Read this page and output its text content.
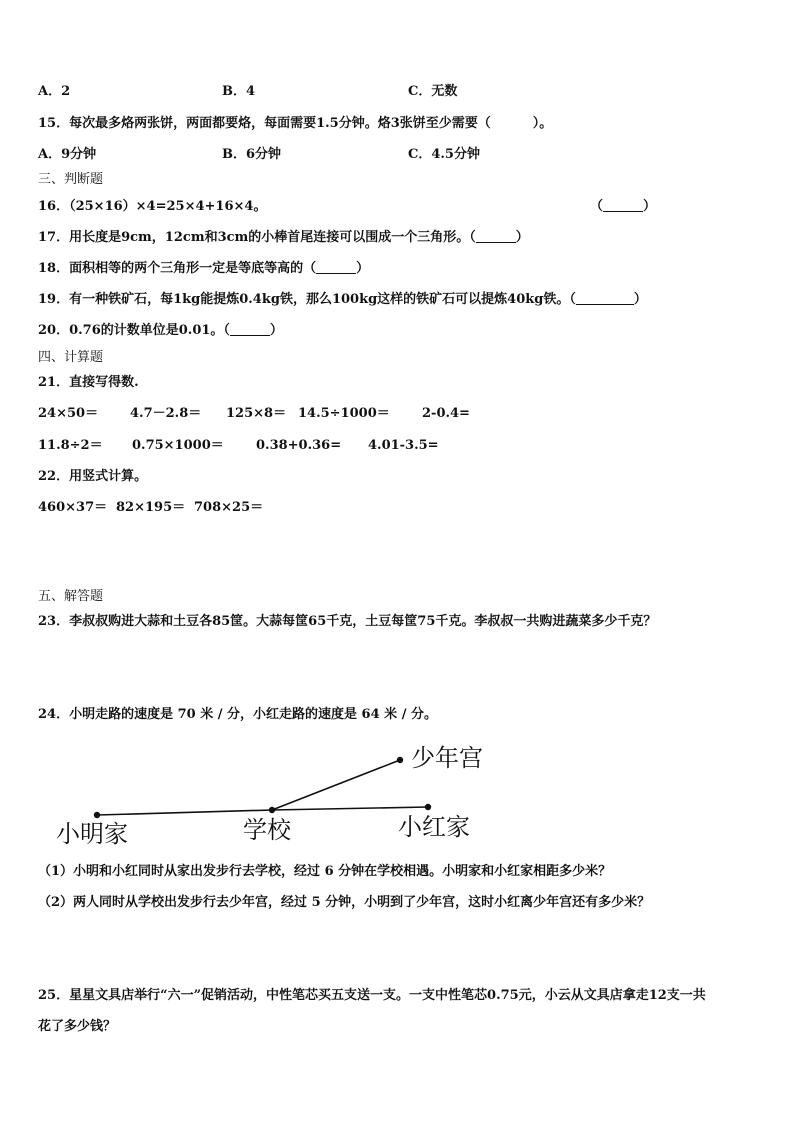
A．2	B．4	C．无数
15．每次最多烙两张饼，两面都要烙，每面需要1.5分钟。烙3张饼至少需要（	）。
A．9分钟	B．6分钟	C．4.5分钟
三、判断题
16．（25×16）×4=25×4+16×4。	（	）
17．用长度是9cm，12cm和3cm的小棒首尾连接可以围成一个三角形。（	）
18．面积相等的两个三角形一定是等底等高的（	）
19．有一种铁矿石，每1kg能提炼0.4kg铁，那么100kg这样的铁矿石可以提炼40kg铁。（	）
20．0.76的计数单位是0.01。（	）
四、计算题
21．直接写得数.
24×50＝ 4.7－2.8＝ 125×8＝ 14.5÷1000＝ 2-0.4=
11.8÷2＝ 0.75×1000＝ 0.38+0.36= 4.01-3.5=
22．用竖式计算。
460×37＝ 82×195＝ 708×25＝
五、解答题
23．李叔叔购进大蒜和土豆各85筐。大蒜每筐65千克，土豆每筐75千克。李叔叔一共购进蔬菜多少千克？
24．小明走路的速度是 70 米 / 分，小红走路的速度是 64 米 / 分。
小明家	学校	小红家
少年宫
（1）小明和小红同时从家出发步行去学校，经过 6 分钟在学校相遇。小明家和小红家相距多少米？
（2）两人同时从学校出发步行去少年宫，经过 5 分钟，小明到了少年宫，这时小红离少年宫还有多少米？
25．星星文具店举行“六一”促销活动，中性笔芯买五支送一支。一支中性笔芯0.75元，小云从文具店拿走12支一共
花了多少钱？
